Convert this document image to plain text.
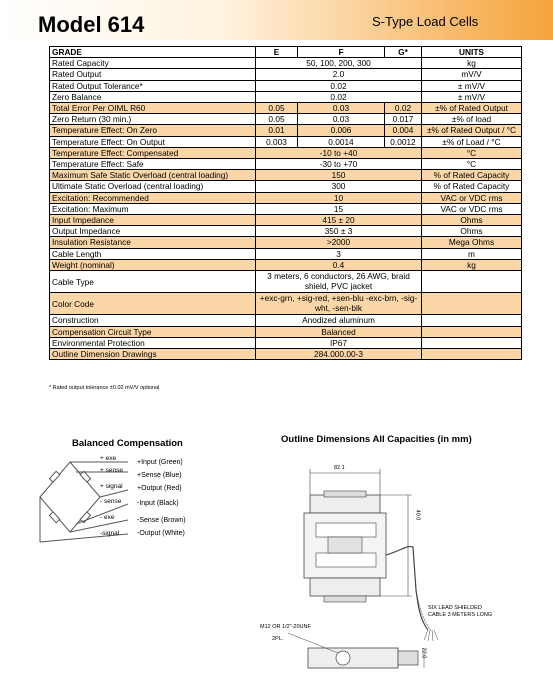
Model 614	S-Type Load Cells
GRADE	E	F	G*	UNITS
Rated Capacity	50, 100, 200, 300			kg
Rated Output	2.0			mV/V
Rated Output Tolerance*	0.02			± mV/V
Zero Balance	0.02			± mV/V
Total Error Per OIML R60	0.05	0.03	0.02	±% of Rated Output
Zero Return (30 min.)	0.05	0.03	0.017	±% of load
Temperature Effect: On Zero	0.01	0.006	0.004	±% of Rated Output / °C
Temperature Effect: On Output	0.003	0.0014	0.0012	±% of Load / °C
Temperature Effect: Compensated	-10 to +40			°C
Temperature Effect: Safe	-30 to +70			°C
Maximum Safe Static Overload (central loading)	150			% of Rated Capacity
Ultimate Static Overload (central loading)	300			% of Rated Capacity
Excitation: Recommended	10			VAC or VDC rms
Excitation: Maximum	15			VAC or VDC rms
Input Impedance	415 ± 20			Ohms
Output Impedance	350 ± 3			Ohms
Insulation Resistance	>2000			Mega Ohms
Cable Length	3			m
Weight (nominal)	0.4			kg
Cable Type	3 meters, 6 conductors, 26 AWG, braid shield, PVC jacket			
Color Code	+exc-grn, +sig-red, +sen-blu -exc-brn, -sig-wht, -sen-blk			
Construction	Anodized aluminum			
Compensation Circuit Type	Balanced			
Environmental Protection	IP67			
Outline Dimension Drawings	284.000.00-3			
* Rated output tolerance ±0.02 mV/V optional
Balanced Compensation
+ exe
+ sense
+ signal
- sense
- exe
-signal
+Input (Green)
+Sense (Blue)
+Output (Red)
-Input (Black)
-Sense (Brown)
-Output (White)
Outline Dimensions All Capacities (in mm)
82.1
40.0
SIX LEAD SHIELDED
CABLE 3 METERS LONG
M12 OR 1/2"-20UNF
2PL.
22.0
